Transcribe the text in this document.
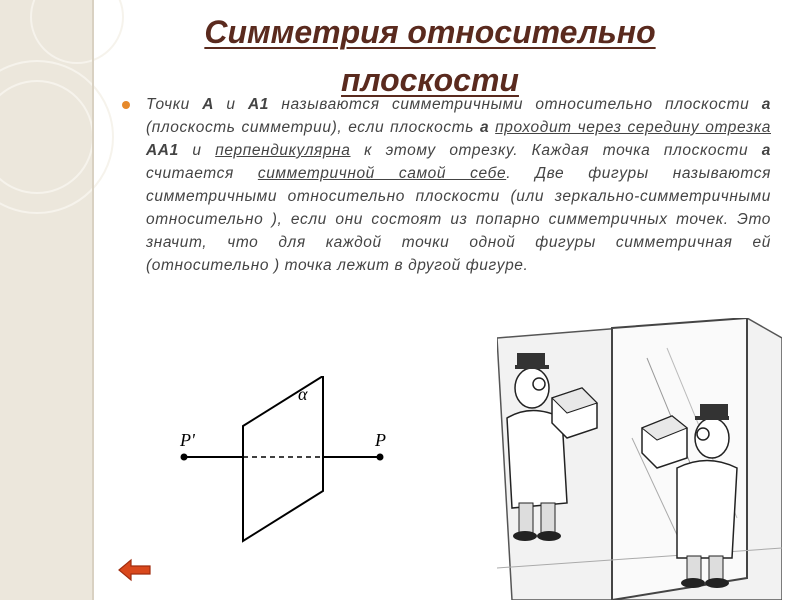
Симметрия относительно
плоскости
Точки A и A1 называются симметричными относительно плоскости a (плоскость симметрии), если плоскость a проходит через середину отрезка AA1 и перпендикулярна к этому отрезку. Каждая точка плоскости a считается симметричной самой себе. Две фигуры называются симметричными относительно плоскости (или зеркально-симметричными относительно ), если они состоят из попарно симметричных точек. Это значит, что для каждой точки одной фигуры симметричная ей (относительно ) точка лежит в другой фигуре.
α
P'	P
